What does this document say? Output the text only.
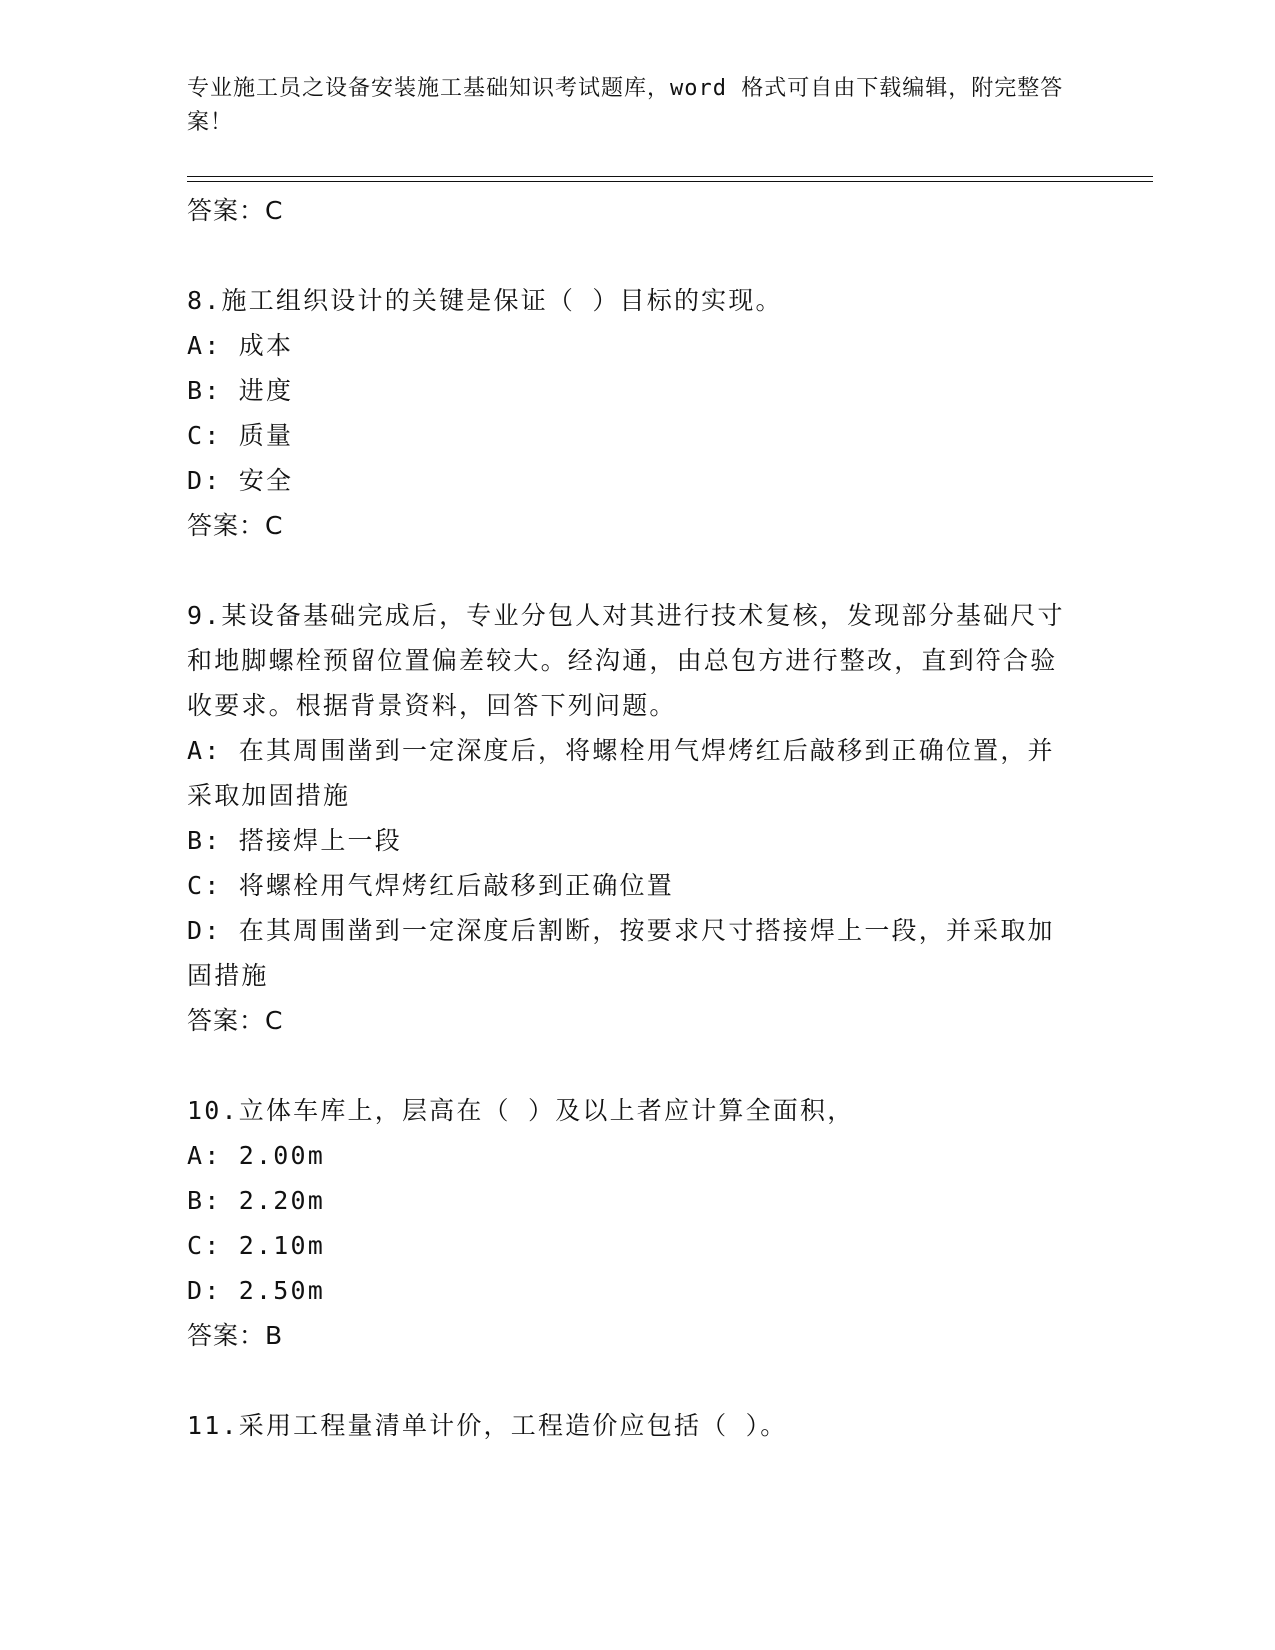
专业施工员之设备安装施工基础知识考试题库，word 格式可自由下载编辑，附完整答案！
答案：C
8.施工组织设计的关键是保证（ ）目标的实现。
A: 成本
B: 进度
C: 质量
D: 安全
答案：C
9.某设备基础完成后，专业分包人对其进行技术复核，发现部分基础尺寸和地脚螺栓预留位置偏差较大。经沟通，由总包方进行整改，直到符合验收要求。根据背景资料，回答下列问题。
A: 在其周围凿到一定深度后，将螺栓用气焊烤红后敲移到正确位置，并采取加固措施
B: 搭接焊上一段
C: 将螺栓用气焊烤红后敲移到正确位置
D: 在其周围凿到一定深度后割断，按要求尺寸搭接焊上一段，并采取加固措施
答案：C
10.立体车库上，层高在（ ）及以上者应计算全面积，
A: 2.00m
B: 2.20m
C: 2.10m
D: 2.50m
答案：B
11.采用工程量清单计价，工程造价应包括（ ）。
